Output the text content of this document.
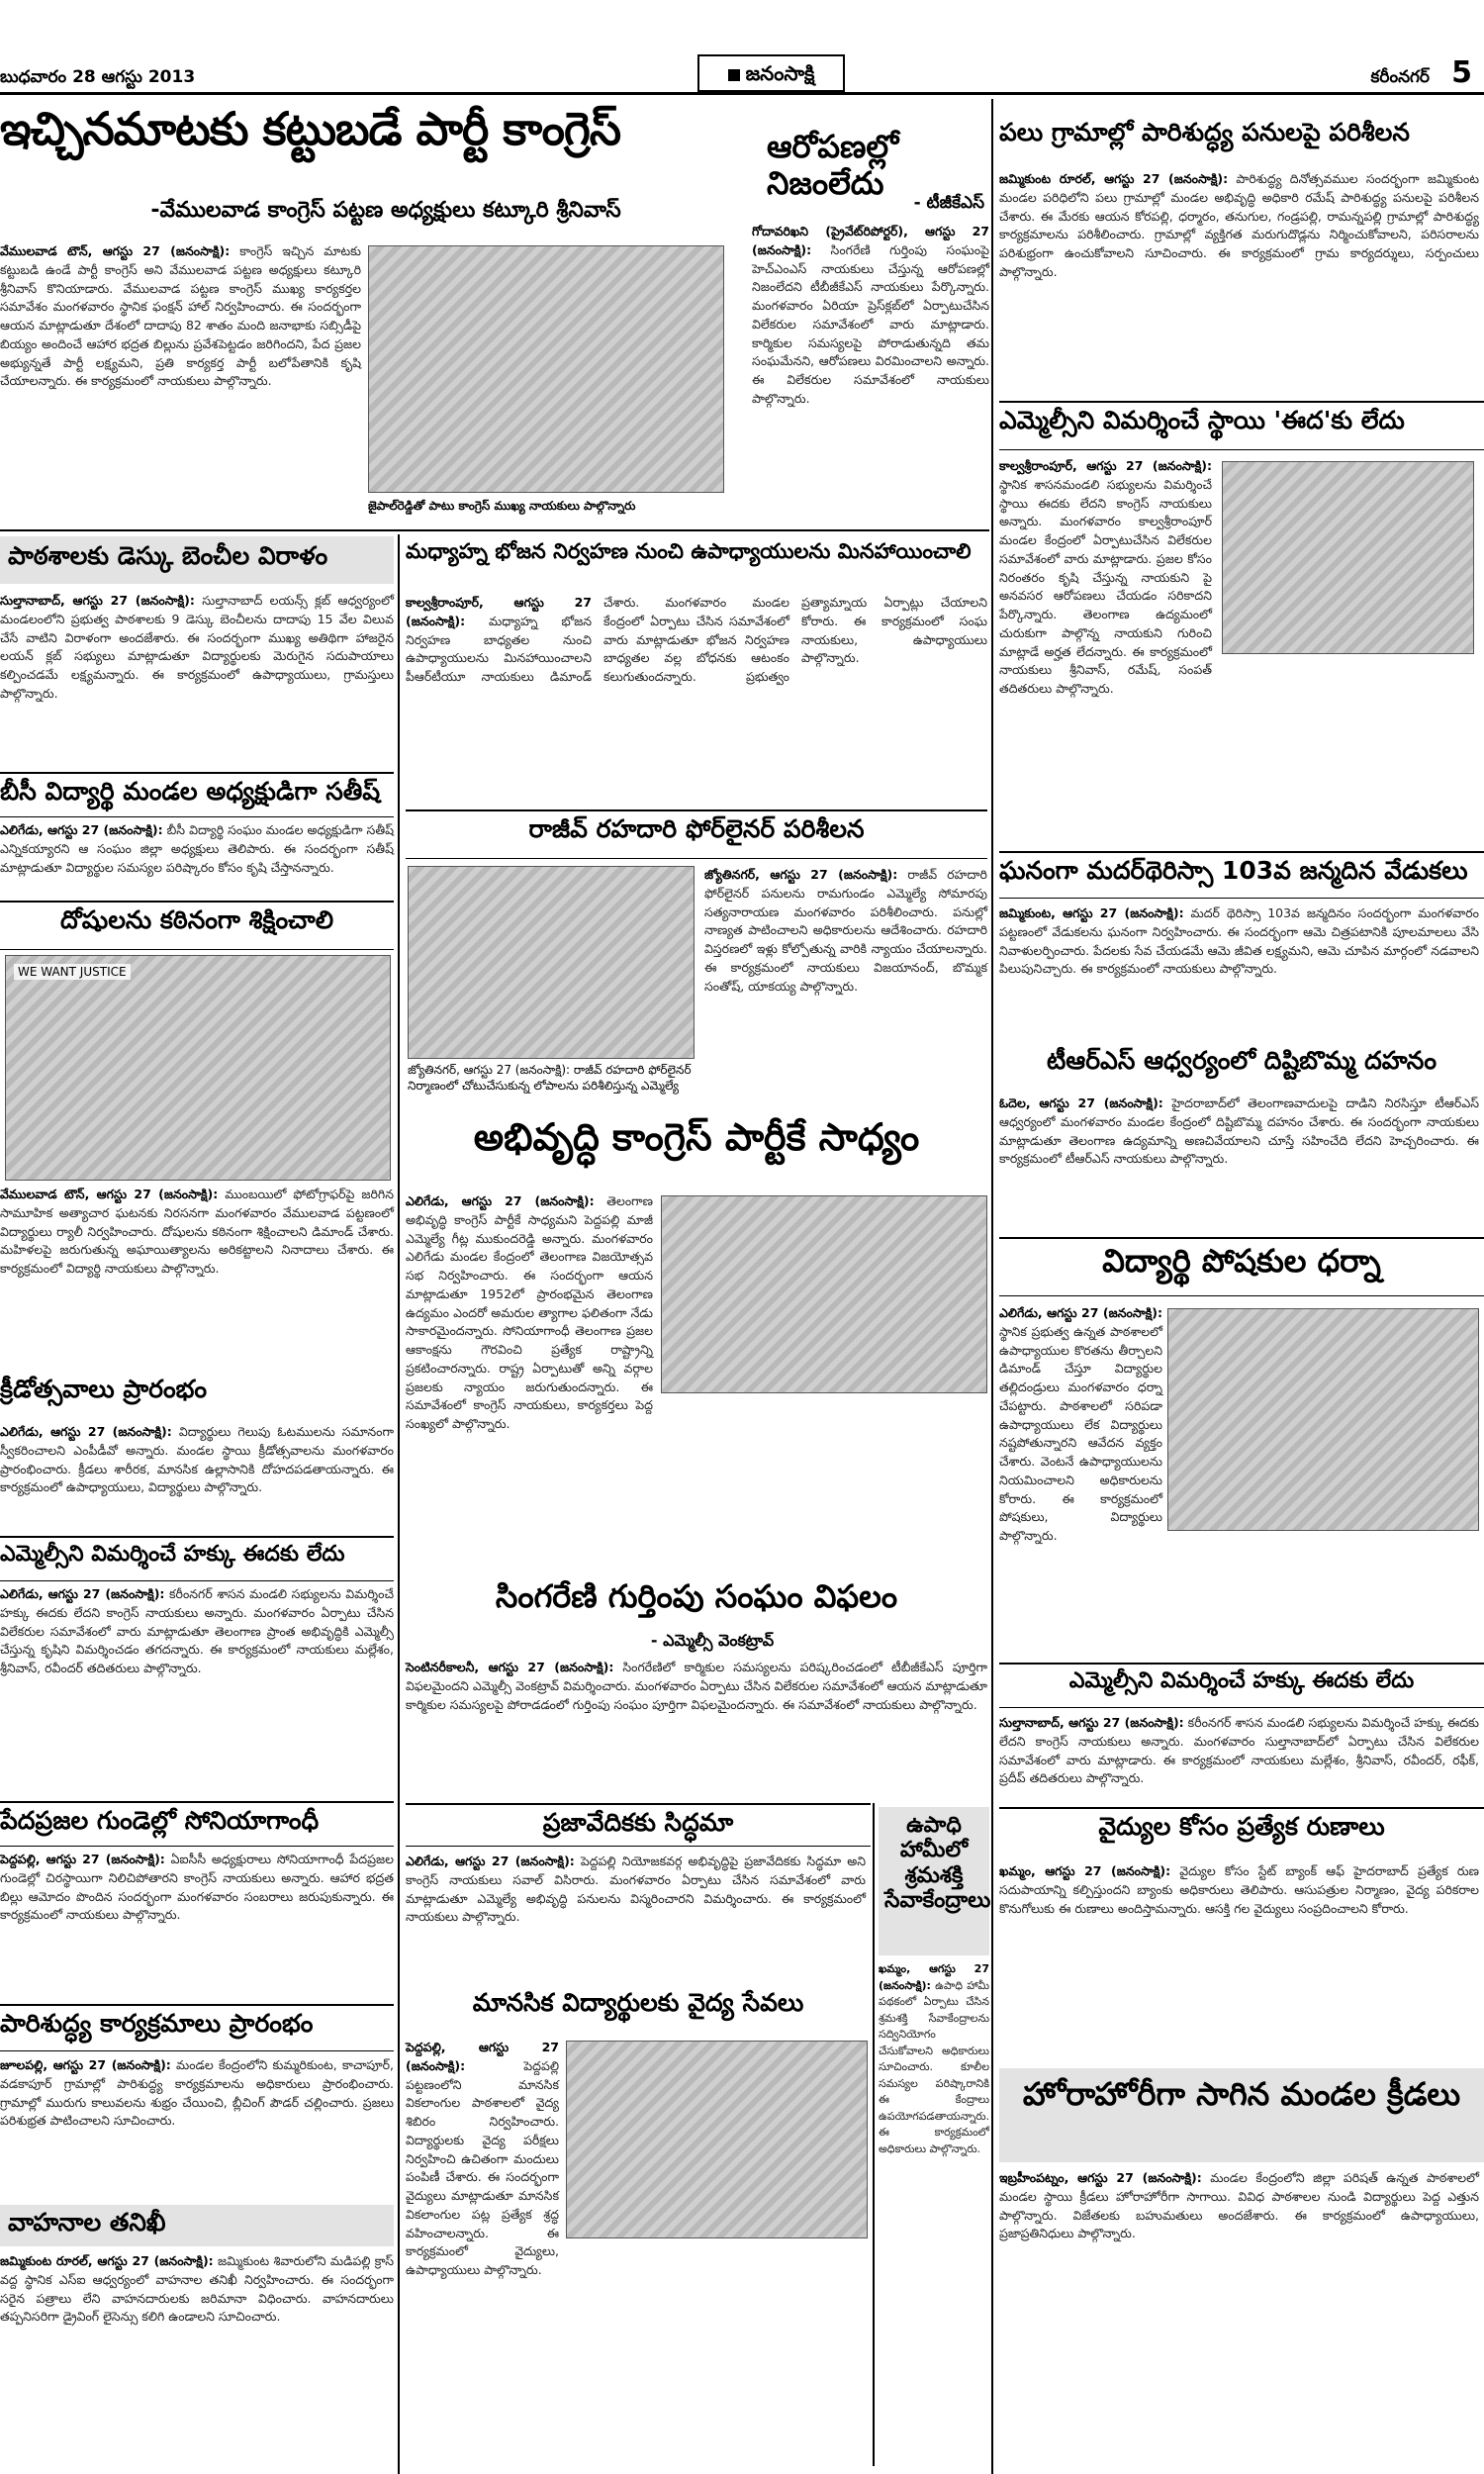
బుధవారం 28 ఆగస్టు 2013	జనంసాక్షి	కరీంనగర్ 5
ఇచ్చినమాటకు కట్టుబడే పార్టీ కాంగ్రెస్
-వేములవాడ కాంగ్రెస్ పట్టణ అధ్యక్షులు కట్కూరి శ్రీనివాస్
వేములవాడ టౌన్, ఆగస్టు 27 (జనంసాక్షి): కాంగ్రెస్ ఇచ్చిన మాటకు కట్టుబడి ఉండే పార్టీ కాంగ్రెస్ అని వేములవాడ పట్టణ అధ్యక్షులు కట్కూరి శ్రీనివాస్ కొనియాడారు. వేములవాడ పట్టణ కాంగ్రెస్ ముఖ్య కార్యకర్తల సమావేశం మంగళవారం స్థానిక ఫంక్షన్ హాల్ నిర్వహించారు. ఈ సందర్భంగా ఆయన మాట్లాడుతూ దేశంలో దాదాపు 82 శాతం మంది జనాభాకు సబ్సిడీపై బియ్యం అందించే ఆహార భద్రత బిల్లును ప్రవేశపెట్టడం జరిగిందని, పేద ప్రజల అభ్యున్నతే పార్టీ లక్ష్యమని, ప్రతి కార్యకర్త పార్టీ బలోపేతానికి కృషి చేయాలన్నారు. ఈ కార్యక్రమంలో నాయకులు పాల్గొన్నారు.
జైపాల్‌రెడ్డితో పాటు కాంగ్రెస్ ముఖ్య నాయకులు పాల్గొన్నారు
ఆరోపణల్లో నిజంలేదు
- టీజీకేఎస్
గోదావరిఖని (ప్రైవేట్‌రిపోర్టర్), ఆగస్టు 27 (జనంసాక్షి): సింగరేణి గుర్తింపు సంఘంపై హెచ్ఎంఎస్ నాయకులు చేస్తున్న ఆరోపణల్లో నిజంలేదని టీబీజీకేఎస్ నాయకులు పేర్కొన్నారు. మంగళవారం ఏరియా ప్రెస్‌క్లబ్‌లో ఏర్పాటుచేసిన విలేకరుల సమావేశంలో వారు మాట్లాడారు. కార్మికుల సమస్యలపై పోరాడుతున్నది తమ సంఘమేనని, ఆరోపణలు విరమించాలని అన్నారు. ఈ విలేకరుల సమావేశంలో నాయకులు పాల్గొన్నారు.
పలు గ్రామాల్లో పారిశుద్ధ్య పనులపై పరిశీలన
జమ్మికుంట రూరల్, ఆగస్టు 27 (జనంసాక్షి): పారిశుద్ధ్య దినోత్సవముల సందర్భంగా జమ్మికుంట మండల పరిధిలోని పలు గ్రామాల్లో మండల అభివృద్ధి అధికారి రమేష్ పారిశుద్ధ్య పనులపై పరిశీలన చేశారు. ఈ మేరకు ఆయన కోరపల్లి, ధర్మారం, తనుగుల, గండ్రపల్లి, రామన్నపల్లి గ్రామాల్లో పారిశుద్ధ్య కార్యక్రమాలను పరిశీలించారు. గ్రామాల్లో వ్యక్తిగత మరుగుదొడ్లను నిర్మించుకోవాలని, పరిసరాలను పరిశుభ్రంగా ఉంచుకోవాలని సూచించారు. ఈ కార్యక్రమంలో గ్రామ కార్యదర్శులు, సర్పంచులు పాల్గొన్నారు.
ఎమ్మెల్సీని విమర్శించే స్థాయి 'ఈద'కు లేదు
కాల్వశ్రీరాంపూర్, ఆగస్టు 27 (జనంసాక్షి): స్థానిక శాసనమండలి సభ్యులను విమర్శించే స్థాయి ఈదకు లేదని కాంగ్రెస్ నాయకులు అన్నారు. మంగళవారం కాల్వశ్రీరాంపూర్ మండల కేంద్రంలో ఏర్పాటుచేసిన విలేకరుల సమావేశంలో వారు మాట్లాడారు. ప్రజల కోసం నిరంతరం కృషి చేస్తున్న నాయకుని పై అనవసర ఆరోపణలు చేయడం సరికాదని పేర్కొన్నారు. తెలంగాణ ఉద్యమంలో చురుకుగా పాల్గొన్న నాయకుని గురించి మాట్లాడే అర్హత లేదన్నారు. ఈ కార్యక్రమంలో నాయకులు శ్రీనివాస్, రమేష్, సంపత్ తదితరులు పాల్గొన్నారు.
పాఠశాలకు డెస్కు బెంచీల విరాళం
సుల్తానాబాద్, ఆగస్టు 27 (జనంసాక్షి): సుల్తానాబాద్ లయన్స్ క్లబ్ ఆధ్వర్యంలో మండలంలోని ప్రభుత్వ పాఠశాలకు 9 డెస్కు బెంచీలను దాదాపు 15 వేల విలువ చేసే వాటిని విరాళంగా అందజేశారు. ఈ సందర్భంగా ముఖ్య అతిథిగా హాజరైన లయన్ క్లబ్ సభ్యులు మాట్లాడుతూ విద్యార్థులకు మెరుగైన సదుపాయాలు కల్పించడమే లక్ష్యమన్నారు. ఈ కార్యక్రమంలో ఉపాధ్యాయులు, గ్రామస్తులు పాల్గొన్నారు.
బీసీ విద్యార్థి మండల అధ్యక్షుడిగా సతీష్
ఎలిగేడు, ఆగస్టు 27 (జనంసాక్షి): బీసీ విద్యార్థి సంఘం మండల అధ్యక్షుడిగా సతీష్ ఎన్నికయ్యారని ఆ సంఘం జిల్లా అధ్యక్షులు తెలిపారు. ఈ సందర్భంగా సతీష్ మాట్లాడుతూ విద్యార్థుల సమస్యల పరిష్కారం కోసం కృషి చేస్తానన్నారు.
దోషులను కఠినంగా శిక్షించాలి
WE WANT JUSTICE
వేములవాడ టౌన్, ఆగస్టు 27 (జనంసాక్షి): ముంబయిలో ఫోటోగ్రాఫర్‌పై జరిగిన సామూహిక అత్యాచార ఘటనకు నిరసనగా మంగళవారం వేములవాడ పట్టణంలో విద్యార్థులు ర్యాలీ నిర్వహించారు. దోషులను కఠినంగా శిక్షించాలని డిమాండ్ చేశారు. మహిళలపై జరుగుతున్న అఘాయిత్యాలను అరికట్టాలని నినాదాలు చేశారు. ఈ కార్యక్రమంలో విద్యార్థి నాయకులు పాల్గొన్నారు.
క్రీడోత్సవాలు ప్రారంభం
ఎలిగేడు, ఆగస్టు 27 (జనంసాక్షి): విద్యార్థులు గెలుపు ఓటములను సమానంగా స్వీకరించాలని ఎంపీడీవో అన్నారు. మండల స్థాయి క్రీడోత్సవాలను మంగళవారం ప్రారంభించారు. క్రీడలు శారీరక, మానసిక ఉల్లాసానికి దోహదపడతాయన్నారు. ఈ కార్యక్రమంలో ఉపాధ్యాయులు, విద్యార్థులు పాల్గొన్నారు.
ఎమ్మెల్సీని విమర్శించే హక్కు ఈదకు లేదు
ఎలిగేడు, ఆగస్టు 27 (జనంసాక్షి): కరీంనగర్ శాసన మండలి సభ్యులను విమర్శించే హక్కు ఈదకు లేదని కాంగ్రెస్ నాయకులు అన్నారు. మంగళవారం ఏర్పాటు చేసిన విలేకరుల సమావేశంలో వారు మాట్లాడుతూ తెలంగాణ ప్రాంత అభివృద్ధికి ఎమ్మెల్సీ చేస్తున్న కృషిని విమర్శించడం తగదన్నారు. ఈ కార్యక్రమంలో నాయకులు మల్లేశం, శ్రీనివాస్, రవీందర్ తదితరులు పాల్గొన్నారు.
పేదప్రజల గుండెల్లో సోనియాగాంధీ
పెద్దపల్లి, ఆగస్టు 27 (జనంసాక్షి): ఏఐసీసీ అధ్యక్షురాలు సోనియాగాంధీ పేదప్రజల గుండెల్లో చిరస్థాయిగా నిలిచిపోతారని కాంగ్రెస్ నాయకులు అన్నారు. ఆహార భద్రత బిల్లు ఆమోదం పొందిన సందర్భంగా మంగళవారం సంబరాలు జరుపుకున్నారు. ఈ కార్యక్రమంలో నాయకులు పాల్గొన్నారు.
పారిశుద్ధ్య కార్యక్రమాలు ప్రారంభం
జూలపల్లి, ఆగస్టు 27 (జనంసాక్షి): మండల కేంద్రంలోని కుమ్మరికుంట, కాచాపూర్, వడకాపూర్ గ్రామాల్లో పారిశుద్ధ్య కార్యక్రమాలను అధికారులు ప్రారంభించారు. గ్రామాల్లో మురుగు కాలువలను శుభ్రం చేయించి, బ్లీచింగ్ పౌడర్ చల్లించారు. ప్రజలు పరిశుభ్రత పాటించాలని సూచించారు.
వాహనాల తనిఖీ
జమ్మికుంట రూరల్, ఆగస్టు 27 (జనంసాక్షి): జమ్మికుంట శివారులోని మడిపల్లి క్రాస్ వద్ద స్థానిక ఎస్ఐ ఆధ్వర్యంలో వాహనాల తనిఖీ నిర్వహించారు. ఈ సందర్భంగా సరైన పత్రాలు లేని వాహనదారులకు జరిమానా విధించారు. వాహనదారులు తప్పనిసరిగా డ్రైవింగ్ లైసెన్సు కలిగి ఉండాలని సూచించారు.
మధ్యాహ్న భోజన నిర్వహణ నుంచి ఉపాధ్యాయులను మినహాయించాలి
కాల్వశ్రీరాంపూర్, ఆగస్టు 27 (జనంసాక్షి): మధ్యాహ్న భోజన నిర్వహణ బాధ్యతల నుంచి ఉపాధ్యాయులను మినహాయించాలని పీఆర్‌టీయూ నాయకులు డిమాండ్ చేశారు. మంగళవారం మండల కేంద్రంలో ఏర్పాటు చేసిన సమావేశంలో వారు మాట్లాడుతూ భోజన నిర్వహణ బాధ్యతల వల్ల బోధనకు ఆటంకం కలుగుతుందన్నారు. ప్రభుత్వం ప్రత్యామ్నాయ ఏర్పాట్లు చేయాలని కోరారు. ఈ కార్యక్రమంలో సంఘ నాయకులు, ఉపాధ్యాయులు పాల్గొన్నారు.
రాజీవ్ రహదారి ఫోర్‌లైనర్ పరిశీలన
జ్యోతినగర్, ఆగస్టు 27 (జనంసాక్షి): రాజీవ్ రహదారి ఫోర్‌లైనర్ నిర్మాణంలో చోటుచేసుకున్న లోపాలను పరిశీలిస్తున్న ఎమ్మెల్యే
జ్యోతినగర్, ఆగస్టు 27 (జనంసాక్షి): రాజీవ్ రహదారి ఫోర్‌లైనర్ పనులను రామగుండం ఎమ్మెల్యే సోమారపు సత్యనారాయణ మంగళవారం పరిశీలించారు. పనుల్లో నాణ్యత పాటించాలని అధికారులను ఆదేశించారు. రహదారి విస్తరణలో ఇళ్లు కోల్పోతున్న వారికి న్యాయం చేయాలన్నారు. ఈ కార్యక్రమంలో నాయకులు విజయానంద్, బొమ్మక సంతోష్, యాకయ్య పాల్గొన్నారు.
అభివృద్ధి కాంగ్రెస్ పార్టీకే సాధ్యం
ఎలిగేడు, ఆగస్టు 27 (జనంసాక్షి): తెలంగాణ అభివృద్ధి కాంగ్రెస్ పార్టీకే సాధ్యమని పెద్దపల్లి మాజీ ఎమ్మెల్యే గీట్ల ముకుందరెడ్డి అన్నారు. మంగళవారం ఎలిగేడు మండల కేంద్రంలో తెలంగాణ విజయోత్సవ సభ నిర్వహించారు. ఈ సందర్భంగా ఆయన మాట్లాడుతూ 1952లో ప్రారంభమైన తెలంగాణ ఉద్యమం ఎందరో అమరుల త్యాగాల ఫలితంగా నేడు సాకారమైందన్నారు. సోనియాగాంధీ తెలంగాణ ప్రజల ఆకాంక్షను గౌరవించి ప్రత్యేక రాష్ట్రాన్ని ప్రకటించారన్నారు. రాష్ట్ర ఏర్పాటుతో అన్ని వర్గాల ప్రజలకు న్యాయం జరుగుతుందన్నారు. ఈ సమావేశంలో కాంగ్రెస్ నాయకులు, కార్యకర్తలు పెద్ద సంఖ్యలో పాల్గొన్నారు.
సింగరేణి గుర్తింపు సంఘం విఫలం
- ఎమ్మెల్సీ వెంకట్రావ్
సెంటినరీకాలనీ, ఆగస్టు 27 (జనంసాక్షి): సింగరేణిలో కార్మికుల సమస్యలను పరిష్కరించడంలో టీబీజీకేఎస్ పూర్తిగా విఫలమైందని ఎమ్మెల్సీ వెంకట్రావ్ విమర్శించారు. మంగళవారం ఏర్పాటు చేసిన విలేకరుల సమావేశంలో ఆయన మాట్లాడుతూ కార్మికుల సమస్యలపై పోరాడడంలో గుర్తింపు సంఘం పూర్తిగా విఫలమైందన్నారు. ఈ సమావేశంలో నాయకులు పాల్గొన్నారు.
ప్రజావేదికకు సిద్ధమా
ఎలిగేడు, ఆగస్టు 27 (జనంసాక్షి): పెద్దపల్లి నియోజకవర్గ అభివృద్ధిపై ప్రజావేదికకు సిద్ధమా అని కాంగ్రెస్ నాయకులు సవాల్ విసిరారు. మంగళవారం ఏర్పాటు చేసిన సమావేశంలో వారు మాట్లాడుతూ ఎమ్మెల్యే అభివృద్ధి పనులను విస్మరించారని విమర్శించారు. ఈ కార్యక్రమంలో నాయకులు పాల్గొన్నారు.
మానసిక విద్యార్థులకు వైద్య సేవలు
పెద్దపల్లి, ఆగస్టు 27 (జనంసాక్షి):	పెద్దపల్లి పట్టణంలోని మానసిక వికలాంగుల పాఠశాలలో వైద్య శిబిరం నిర్వహించారు. విద్యార్థులకు వైద్య పరీక్షలు నిర్వహించి ఉచితంగా మందులు పంపిణీ చేశారు. ఈ సందర్భంగా వైద్యులు మాట్లాడుతూ మానసిక వికలాంగుల పట్ల ప్రత్యేక శ్రద్ధ వహించాలన్నారు. ఈ కార్యక్రమంలో వైద్యులు, ఉపాధ్యాయులు పాల్గొన్నారు.
ఉపాధి హామీలో శ్రమశక్తి సేవాకేంద్రాలు
ఖమ్మం, ఆగస్టు 27 (జనంసాక్షి): ఉపాధి హామీ పథకంలో ఏర్పాటు చేసిన శ్రమశక్తి సేవాకేంద్రాలను సద్వినియోగం చేసుకోవాలని అధికారులు సూచించారు. కూలీల సమస్యల పరిష్కారానికి ఈ కేంద్రాలు ఉపయోగపడతాయన్నారు. ఈ కార్యక్రమంలో అధికారులు పాల్గొన్నారు.
ఘనంగా మదర్‌థెరిస్సా 103వ జన్మదిన వేడుకలు
జమ్మికుంట, ఆగస్టు 27 (జనంసాక్షి): మదర్ థెరిస్సా 103వ జన్మదినం సందర్భంగా మంగళవారం పట్టణంలో వేడుకలను ఘనంగా నిర్వహించారు. ఈ సందర్భంగా ఆమె చిత్రపటానికి పూలమాలలు వేసి నివాళులర్పించారు. పేదలకు సేవ చేయడమే ఆమె జీవిత లక్ష్యమని, ఆమె చూపిన మార్గంలో నడవాలని పిలుపునిచ్చారు. ఈ కార్యక్రమంలో నాయకులు పాల్గొన్నారు.
టీఆర్ఎస్ ఆధ్వర్యంలో దిష్టిబొమ్మ దహనం
ఓదెల, ఆగస్టు 27 (జనంసాక్షి): హైదరాబాద్‌లో తెలంగాణవాదులపై దాడిని నిరసిస్తూ టీఆర్ఎస్ ఆధ్వర్యంలో మంగళవారం మండల కేంద్రంలో దిష్టిబొమ్మ దహనం చేశారు. ఈ సందర్భంగా నాయకులు మాట్లాడుతూ తెలంగాణ ఉద్యమాన్ని అణచివేయాలని చూస్తే సహించేది లేదని హెచ్చరించారు. ఈ కార్యక్రమంలో టీఆర్ఎస్ నాయకులు పాల్గొన్నారు.
విద్యార్థి పోషకుల ధర్నా
ఎలిగేడు, ఆగస్టు 27 (జనంసాక్షి): స్థానిక ప్రభుత్వ ఉన్నత పాఠశాలలో ఉపాధ్యాయుల కొరతను తీర్చాలని డిమాండ్ చేస్తూ విద్యార్థుల తల్లిదండ్రులు మంగళవారం ధర్నా చేపట్టారు. పాఠశాలలో సరిపడా ఉపాధ్యాయులు లేక విద్యార్థులు నష్టపోతున్నారని ఆవేదన వ్యక్తం చేశారు. వెంటనే ఉపాధ్యాయులను నియమించాలని అధికారులను కోరారు. ఈ కార్యక్రమంలో పోషకులు, విద్యార్థులు పాల్గొన్నారు.
ఎమ్మెల్సీని విమర్శించే హక్కు ఈదకు లేదు
సుల్తానాబాద్, ఆగస్టు 27 (జనంసాక్షి): కరీంనగర్ శాసన మండలి సభ్యులను విమర్శించే హక్కు ఈదకు లేదని కాంగ్రెస్ నాయకులు అన్నారు. మంగళవారం సుల్తానాబాద్‌లో ఏర్పాటు చేసిన విలేకరుల సమావేశంలో వారు మాట్లాడారు. ఈ కార్యక్రమంలో నాయకులు మల్లేశం, శ్రీనివాస్, రవీందర్, రఫీక్, ప్రదీప్ తదితరులు పాల్గొన్నారు.
వైద్యుల కోసం ప్రత్యేక రుణాలు
ఖమ్మం, ఆగస్టు 27 (జనంసాక్షి): వైద్యుల కోసం స్టేట్ బ్యాంక్ ఆఫ్ హైదరాబాద్ ప్రత్యేక రుణ సదుపాయాన్ని కల్పిస్తుందని బ్యాంకు అధికారులు తెలిపారు. ఆసుపత్రుల నిర్మాణం, వైద్య పరికరాల కొనుగోలుకు ఈ రుణాలు అందిస్తామన్నారు. ఆసక్తి గల వైద్యులు సంప్రదించాలని కోరారు.
హోరాహోరీగా సాగిన మండల క్రీడలు
ఇబ్రహీంపట్నం, ఆగస్టు 27 (జనంసాక్షి): మండల కేంద్రంలోని జిల్లా పరిషత్ ఉన్నత పాఠశాలలో మండల స్థాయి క్రీడలు హోరాహోరీగా సాగాయి. వివిధ పాఠశాలల నుండి విద్యార్థులు పెద్ద ఎత్తున పాల్గొన్నారు. విజేతలకు బహుమతులు అందజేశారు. ఈ కార్యక్రమంలో ఉపాధ్యాయులు, ప్రజాప్రతినిధులు పాల్గొన్నారు.
